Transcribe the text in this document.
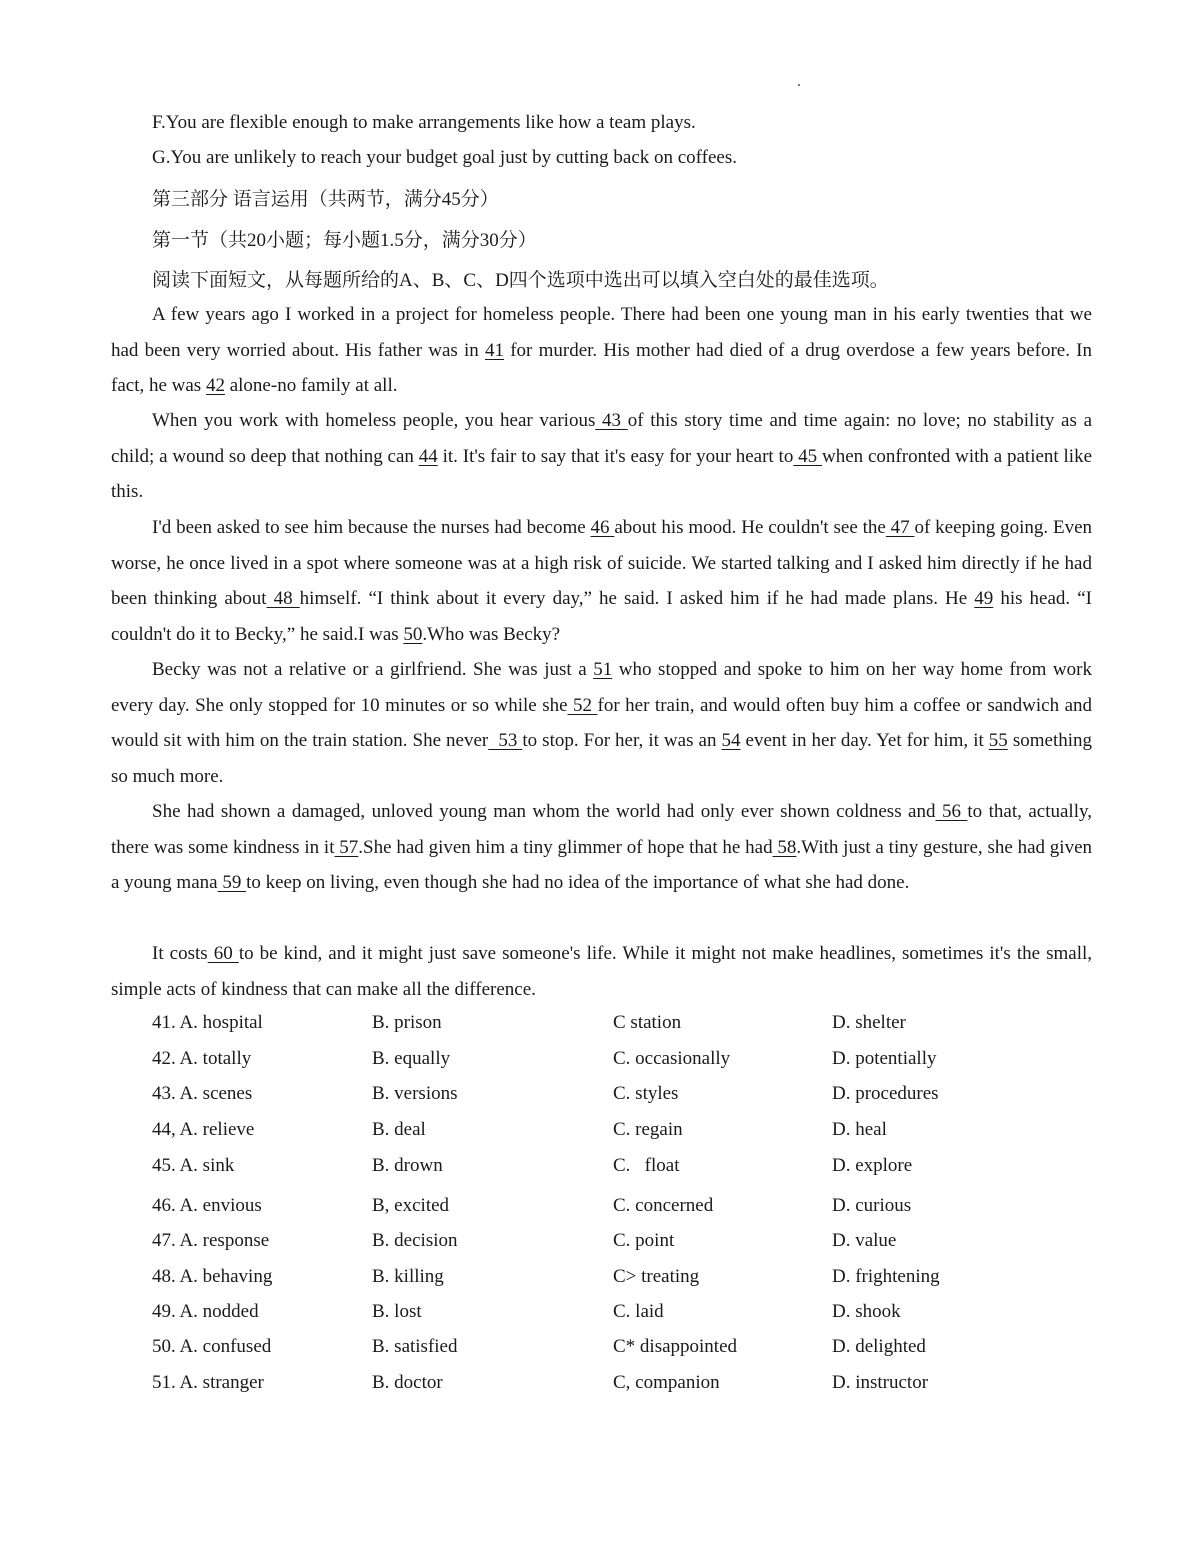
F.You are flexible enough to make arrangements like how a team plays.
G.You are unlikely to reach your budget goal just by cutting back on coffees.
第三部分 语言运用（共两节，满分45分）
第一节（共20小题；每小题1.5分，满分30分）
阅读下面短文，从每题所给的A、B、C、D四个选项中选出可以填入空白处的最佳选项。
A few years ago I worked in a project for homeless people. There had been one young man in his early twenties that we had been very worried about. His father was in 41 for murder. His mother had died of a drug overdose a few years before. In fact, he was 42 alone-no family at all.
When you work with homeless people, you hear various 43 of this story time and time again: no love; no stability as a child; a wound so deep that nothing can 44 it. It's fair to say that it's easy for your heart to 45 when confronted with a patient like this.
I'd been asked to see him because the nurses had become 46 about his mood. He couldn't see the 47 of keeping going. Even worse, he once lived in a spot where someone was at a high risk of suicide. We started talking and I asked him directly if he had been thinking about 48 himself. “I think about it every day,” he said. I asked him if he had made plans. He 49 his head. “I couldn't do it to Becky,” he said.I was 50.Who was Becky?
Becky was not a relative or a girlfriend. She was just a 51 who stopped and spoke to him on her way home from work every day. She only stopped for 10 minutes or so while she 52 for her train, and would often buy him a coffee or sandwich and would sit with him on the train station. She never  53 to stop. For her, it was an 54 event in her day. Yet for him, it 55 something so much more.
She had shown a damaged, unloved young man whom the world had only ever shown coldness and 56 to that, actually, there was some kindness in it 57.She had given him a tiny glimmer of hope that he had 58.With just a tiny gesture, she had given a young mana 59 to keep on living, even though she had no idea of the importance of what she had done.
It costs 60 to be kind, and it might just save someone's life. While it might not make headlines, sometimes it's the small, simple acts of kindness that can make all the difference.
41. A. hospital	B. prison	C station	D. shelter
42. A. totally	B. equally	C. occasionally	D. potentially
43. A. scenes	B. versions	C. styles	D. procedures
44, A. relieve	B. deal	C. regain	D. heal
45. A. sink	B. drown	C.   float	D. explore
46. A. envious	B, excited	C. concerned	D. curious
47. A. response	B. decision	C. point	D. value
48. A. behaving	B. killing	C> treating	D. frightening
49. A. nodded	B. lost	C. laid	D. shook
50. A. confused	B. satisfied	C* disappointed	D. delighted
51. A. stranger	B. doctor	C, companion	D. instructor
